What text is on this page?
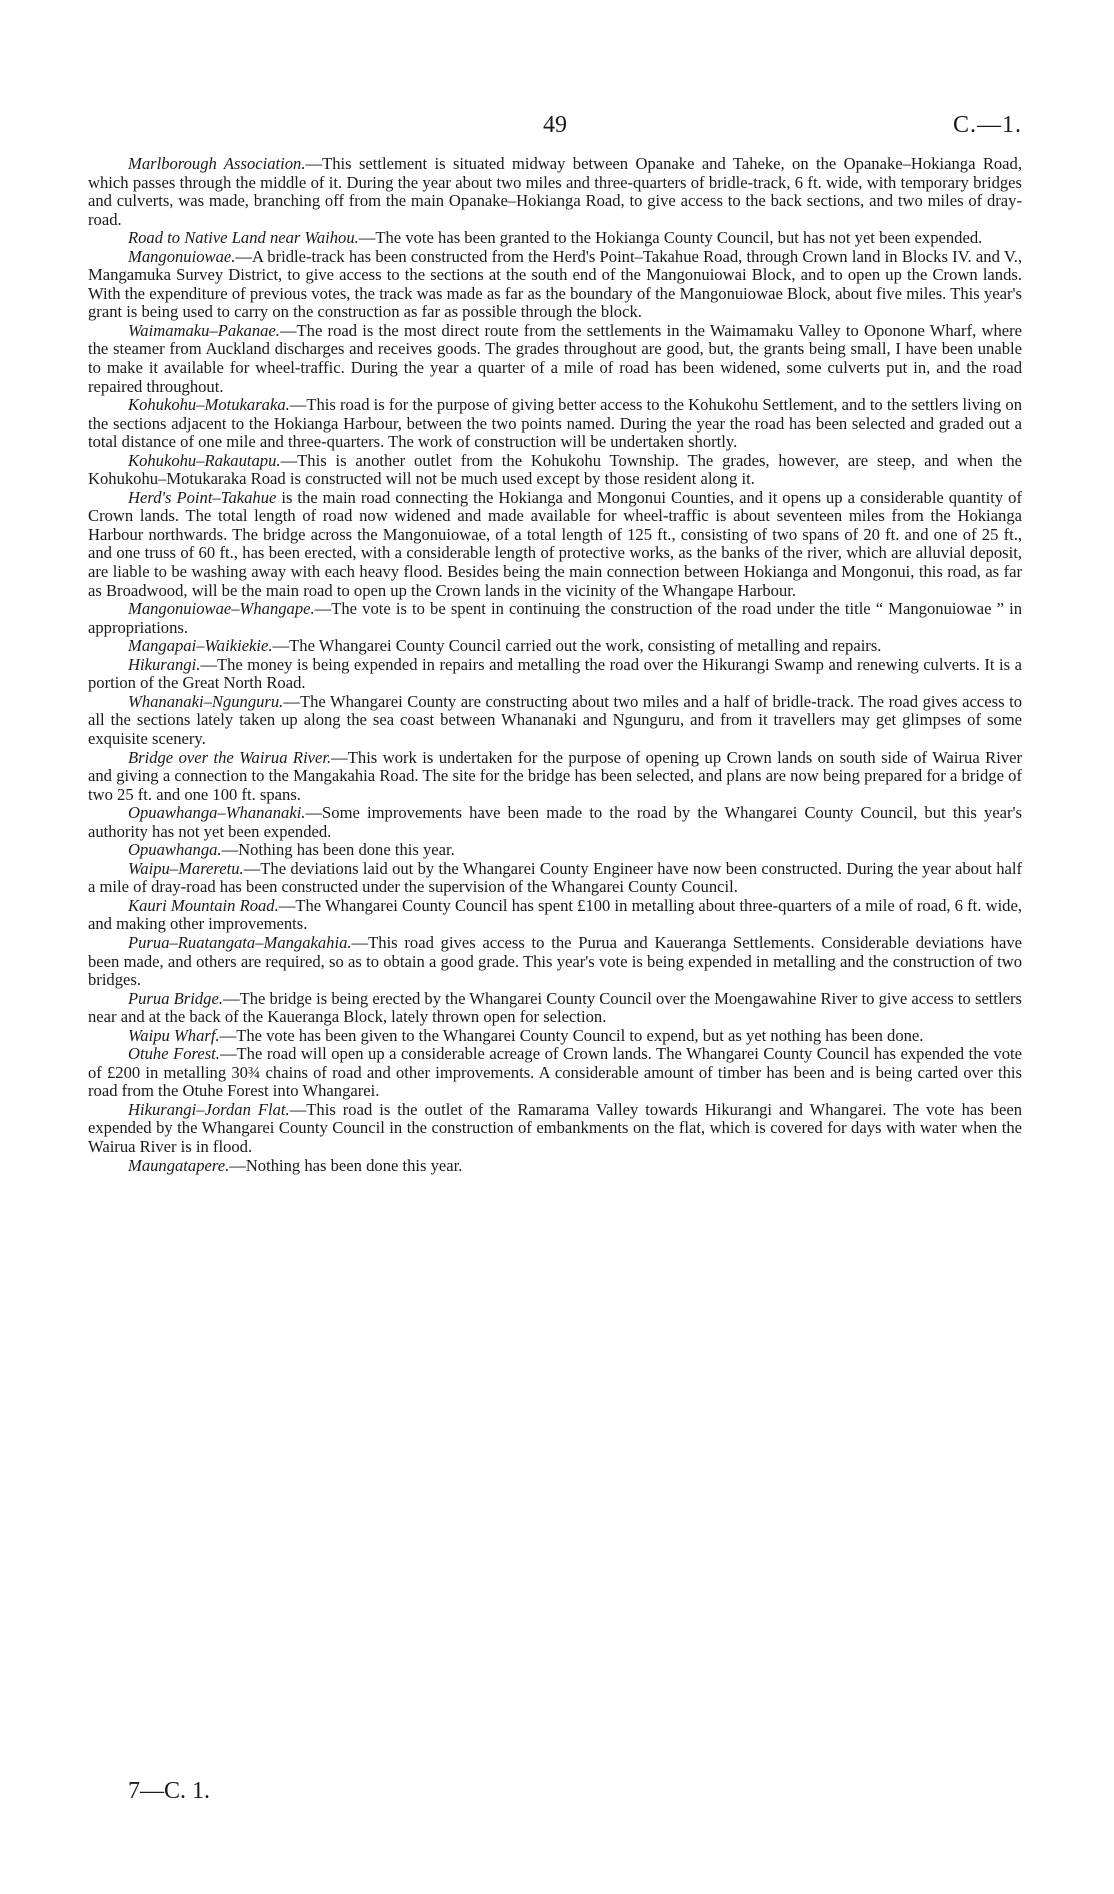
49	C.—1.

Marlborough Association.—This settlement is situated midway between Opanake and Taheke, on the Opanake–Hokianga Road, which passes through the middle of it. During the year about two miles and three-quarters of bridle-track, 6 ft. wide, with temporary bridges and culverts, was made, branching off from the main Opanake–Hokianga Road, to give access to the back sections, and two miles of dray-road.

Road to Native Land near Waihou.—The vote has been granted to the Hokianga County Council, but has not yet been expended.

Mangonuiowae.—A bridle-track has been constructed from the Herd's Point–Takahue Road, through Crown land in Blocks IV. and V., Mangamuka Survey District, to give access to the sections at the south end of the Mangonuiowai Block, and to open up the Crown lands. With the expenditure of previous votes, the track was made as far as the boundary of the Mangonuiowae Block, about five miles. This year's grant is being used to carry on the construction as far as possible through the block.

Waimamaku–Pakanae.—The road is the most direct route from the settlements in the Waimamaku Valley to Oponone Wharf, where the steamer from Auckland discharges and receives goods. The grades throughout are good, but, the grants being small, I have been unable to make it available for wheel-traffic. During the year a quarter of a mile of road has been widened, some culverts put in, and the road repaired throughout.

Kohukohu–Motukaraka.—This road is for the purpose of giving better access to the Kohukohu Settlement, and to the settlers living on the sections adjacent to the Hokianga Harbour, between the two points named. During the year the road has been selected and graded out a total distance of one mile and three-quarters. The work of construction will be undertaken shortly.

Kohukohu–Rakautapu.—This is another outlet from the Kohukohu Township. The grades, however, are steep, and when the Kohukohu–Motukaraka Road is constructed will not be much used except by those resident along it.

Herd's Point–Takahue is the main road connecting the Hokianga and Mongonui Counties, and it opens up a considerable quantity of Crown lands. The total length of road now widened and made available for wheel-traffic is about seventeen miles from the Hokianga Harbour northwards. The bridge across the Mangonuiowae, of a total length of 125 ft., consisting of two spans of 20 ft. and one of 25 ft., and one truss of 60 ft., has been erected, with a considerable length of protective works, as the banks of the river, which are alluvial deposit, are liable to be washing away with each heavy flood. Besides being the main connection between Hokianga and Mongonui, this road, as far as Broadwood, will be the main road to open up the Crown lands in the vicinity of the Whangape Harbour.

Mangonuiowae–Whangape.—The vote is to be spent in continuing the construction of the road under the title “ Mangonuiowae ” in appropriations.

Mangapai–Waikiekie.—The Whangarei County Council carried out the work, consisting of metalling and repairs.

Hikurangi.—The money is being expended in repairs and metalling the road over the Hikurangi Swamp and renewing culverts. It is a portion of the Great North Road.

Whananaki–Ngunguru.—The Whangarei County are constructing about two miles and a half of bridle-track. The road gives access to all the sections lately taken up along the sea coast between Whananaki and Ngunguru, and from it travellers may get glimpses of some exquisite scenery.

Bridge over the Wairua River.—This work is undertaken for the purpose of opening up Crown lands on south side of Wairua River and giving a connection to the Mangakahia Road. The site for the bridge has been selected, and plans are now being prepared for a bridge of two 25 ft. and one 100 ft. spans.

Opuawhanga–Whananaki.—Some improvements have been made to the road by the Whangarei County Council, but this year's authority has not yet been expended.

Opuawhanga.—Nothing has been done this year.

Waipu–Mareretu.—The deviations laid out by the Whangarei County Engineer have now been constructed. During the year about half a mile of dray-road has been constructed under the supervision of the Whangarei County Council.

Kauri Mountain Road.—The Whangarei County Council has spent £100 in metalling about three-quarters of a mile of road, 6 ft. wide, and making other improvements.

Purua–Ruatangata–Mangakahia.—This road gives access to the Purua and Kaueranga Settlements. Considerable deviations have been made, and others are required, so as to obtain a good grade. This year's vote is being expended in metalling and the construction of two bridges.

Purua Bridge.—The bridge is being erected by the Whangarei County Council over the Moengawahine River to give access to settlers near and at the back of the Kaueranga Block, lately thrown open for selection.

Waipu Wharf.—The vote has been given to the Whangarei County Council to expend, but as yet nothing has been done.

Otuhe Forest.—The road will open up a considerable acreage of Crown lands. The Whangarei County Council has expended the vote of £200 in metalling 30¾ chains of road and other improvements. A considerable amount of timber has been and is being carted over this road from the Otuhe Forest into Whangarei.

Hikurangi–Jordan Flat.—This road is the outlet of the Ramarama Valley towards Hikurangi and Whangarei. The vote has been expended by the Whangarei County Council in the construction of embankments on the flat, which is covered for days with water when the Wairua River is in flood.

Maungatapere.—Nothing has been done this year.

7—C. 1.
